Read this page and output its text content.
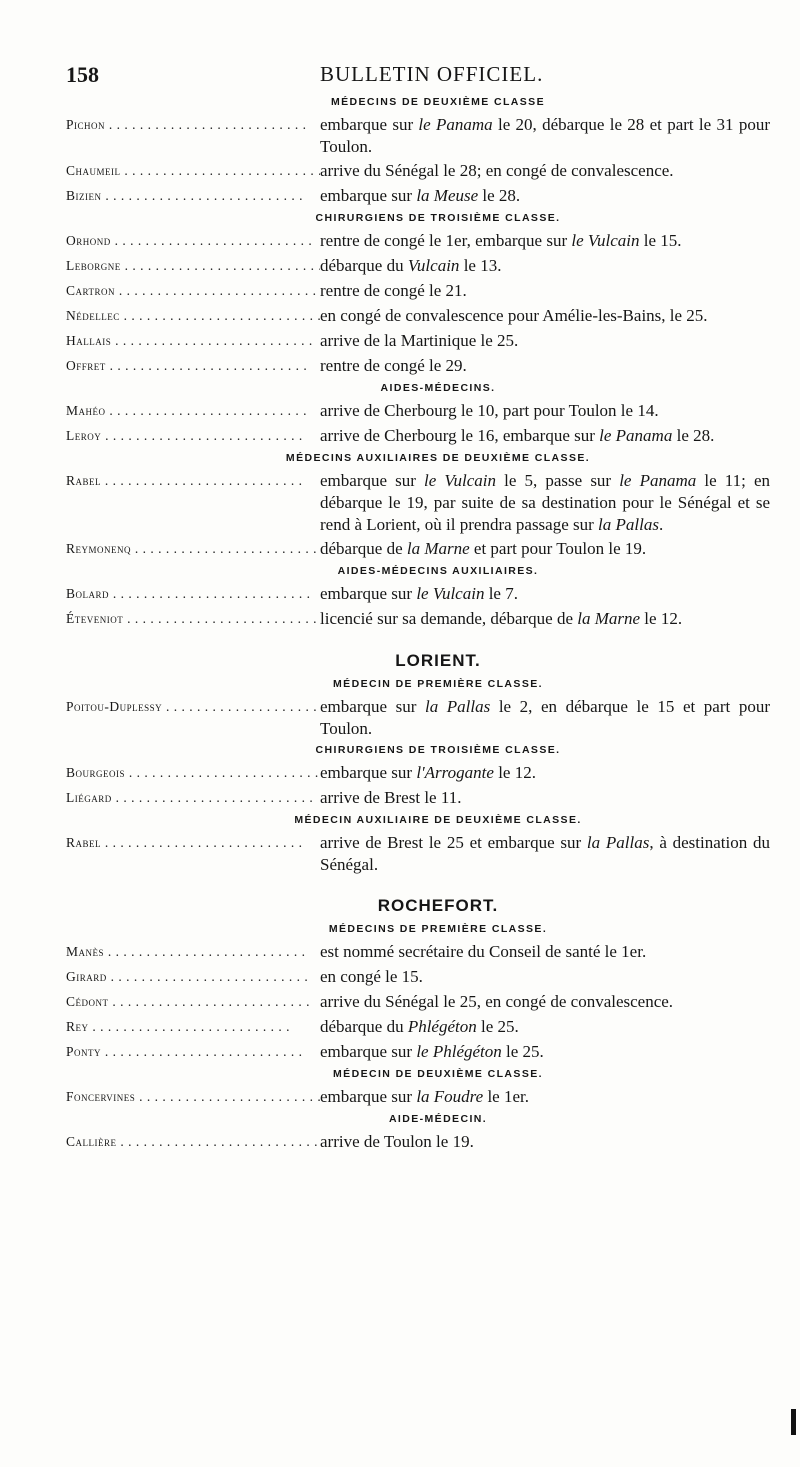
158	BULLETIN OFFICIEL.
MÉDECINS DE DEUXIÈME CLASSE
Pichon . . .	embarque sur le Panama le 20, débarque le 28 et part le 31 pour Toulon.
Chaumeil . . .	arrive du Sénégal le 28; en congé de convalescence.
Bizien . . .	embarque sur la Meuse le 28.
CHIRURGIENS DE TROISIÈME CLASSE.
Orhond . . .	rentre de congé le 1er, embarque sur le Vulcain le 15.
Leborgne . . .	débarque du Vulcain le 13.
Cartron . . .	rentre de congé le 21.
Nédellec . . .	en congé de convalescence pour Amélie-les-Bains, le 25.
Hallais . . .	arrive de la Martinique le 25.
Offret . . .	rentre de congé le 29.
AIDES-MÉDECINS.
Mahéo . . .	arrive de Cherbourg le 10, part pour Toulon le 14.
Leroy . . .	arrive de Cherbourg le 16, embarque sur le Panama le 28.
MÉDECINS AUXILIAIRES DE DEUXIÈME CLASSE.
Rabel . . .	embarque sur le Vulcain le 5, passe sur le Panama le 11; en débarque le 19, par suite de sa destination pour le Sénégal et se rend à Lorient, où il prendra passage sur la Pallas.
Reymonenq . . .	débarque de la Marne et part pour Toulon le 19.
AIDES-MÉDECINS AUXILIAIRES.
Bolard . . .	embarque sur le Vulcain le 7.
Éteveniot . . .	licencié sur sa demande, débarque de la Marne le 12.
LORIENT.
MÉDECIN DE PREMIÈRE CLASSE.
Poitou-Duplessy . . .	embarque sur la Pallas le 2, en débarque le 15 et part pour Toulon.
CHIRURGIENS DE TROISIÈME CLASSE.
Bourgeois . . .	embarque sur l'Arrogante le 12.
Liégard . . .	arrive de Brest le 11.
MÉDECIN AUXILIAIRE DE DEUXIÈME CLASSE.
Rabel . . .	arrive de Brest le 25 et embarque sur la Pallas, à destination du Sénégal.
ROCHEFORT.
MÉDECINS DE PREMIÈRE CLASSE.
Manès . . .	est nommé secrétaire du Conseil de santé le 1er.
Girard . . .	en congé le 15.
Cédont . . .	arrive du Sénégal le 25, en congé de convalescence.
Rey . . .	débarque du Phlégéton le 25.
Ponty . . .	embarque sur le Phlégéton le 25.
MÉDECIN DE DEUXIÈME CLASSE.
Foncervines . . .	embarque sur la Foudre le 1er.
AIDE-MÉDECIN.
Callière . . .	arrive de Toulon le 19.
